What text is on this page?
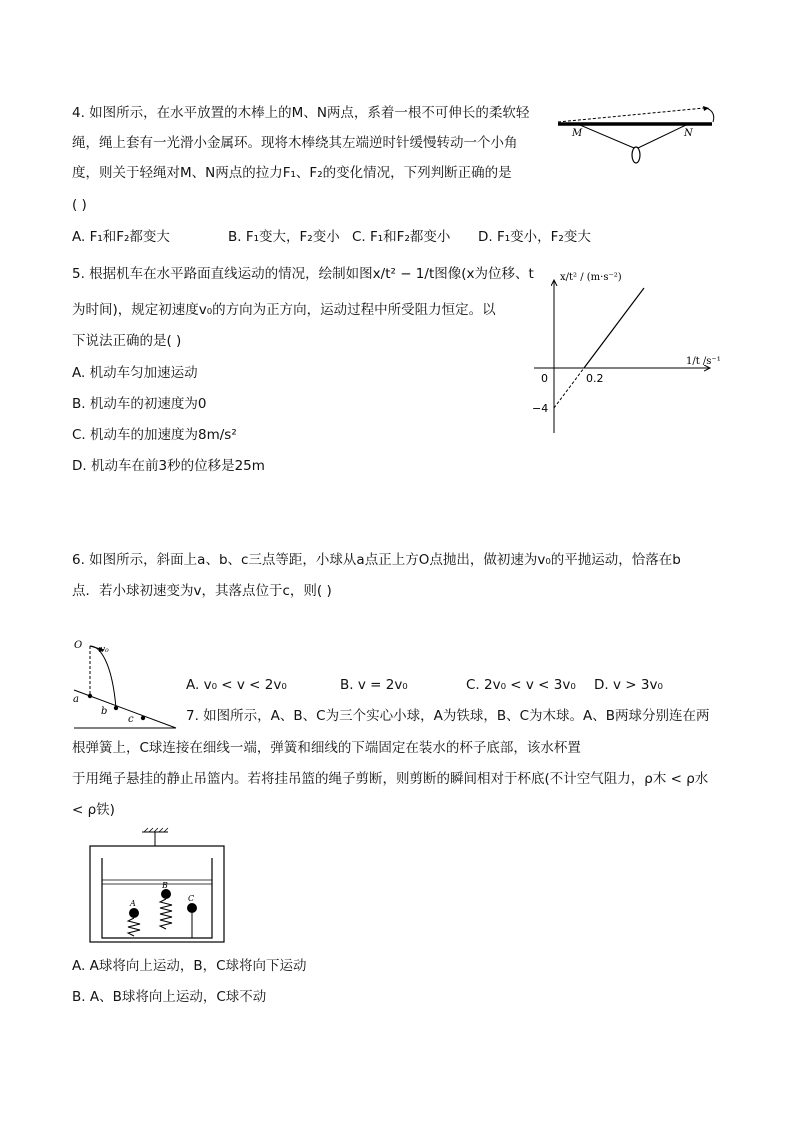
4. 如图所示，在水平放置的木棒上的M、N两点，系着一根不可伸长的柔软轻
绳，绳上套有一光滑小金属环。现将木棒绕其左端逆时针缓慢转动一个小角
度，则关于轻绳对M、N两点的拉力F₁、F₂的变化情况，下列判断正确的是
( )
M	N
A. F₁和F₂都变大	B. F₁变大，F₂变小 C. F₁和F₂都变小 D. F₁变小，F₂变大
5. 根据机车在水平路面直线运动的情况，绘制如图x/t² − 1/t图像(x为位移、t
为时间)，规定初速度v₀的方向为正方向，运动过程中所受阻力恒定。以
下说法正确的是( )
x/t² / (m·s⁻²)
1/t /s⁻¹
0	0.2
−4
A. 机动车匀加速运动
B. 机动车的初速度为0
C. 机动车的加速度为8m/s²
D. 机动车在前3秒的位移是25m
6. 如图所示，斜面上a、b、c三点等距，小球从a点正上方O点抛出，做初速为v₀的平抛运动，恰落在b
点．若小球初速变为v，其落点位于c，则( )
O v₀
a
b
c
A. v₀ < v < 2v₀	B. v = 2v₀	C. 2v₀ < v < 3v₀ D. v > 3v₀
7. 如图所示，A、B、C为三个实心小球，A为铁球，B、C为木球。A、B两球分别连在两
根弹簧上，C球连接在细线一端，弹簧和细线的下端固定在装水的杯子底部，该水杯置
于用绳子悬挂的静止吊篮内。若将挂吊篮的绳子剪断，则剪断的瞬间相对于杯底(不计空气阻力，ρ木 < ρ水
< ρ铁)
A
B
C
A. A球将向上运动，B，C球将向下运动
B. A、B球将向上运动，C球不动
